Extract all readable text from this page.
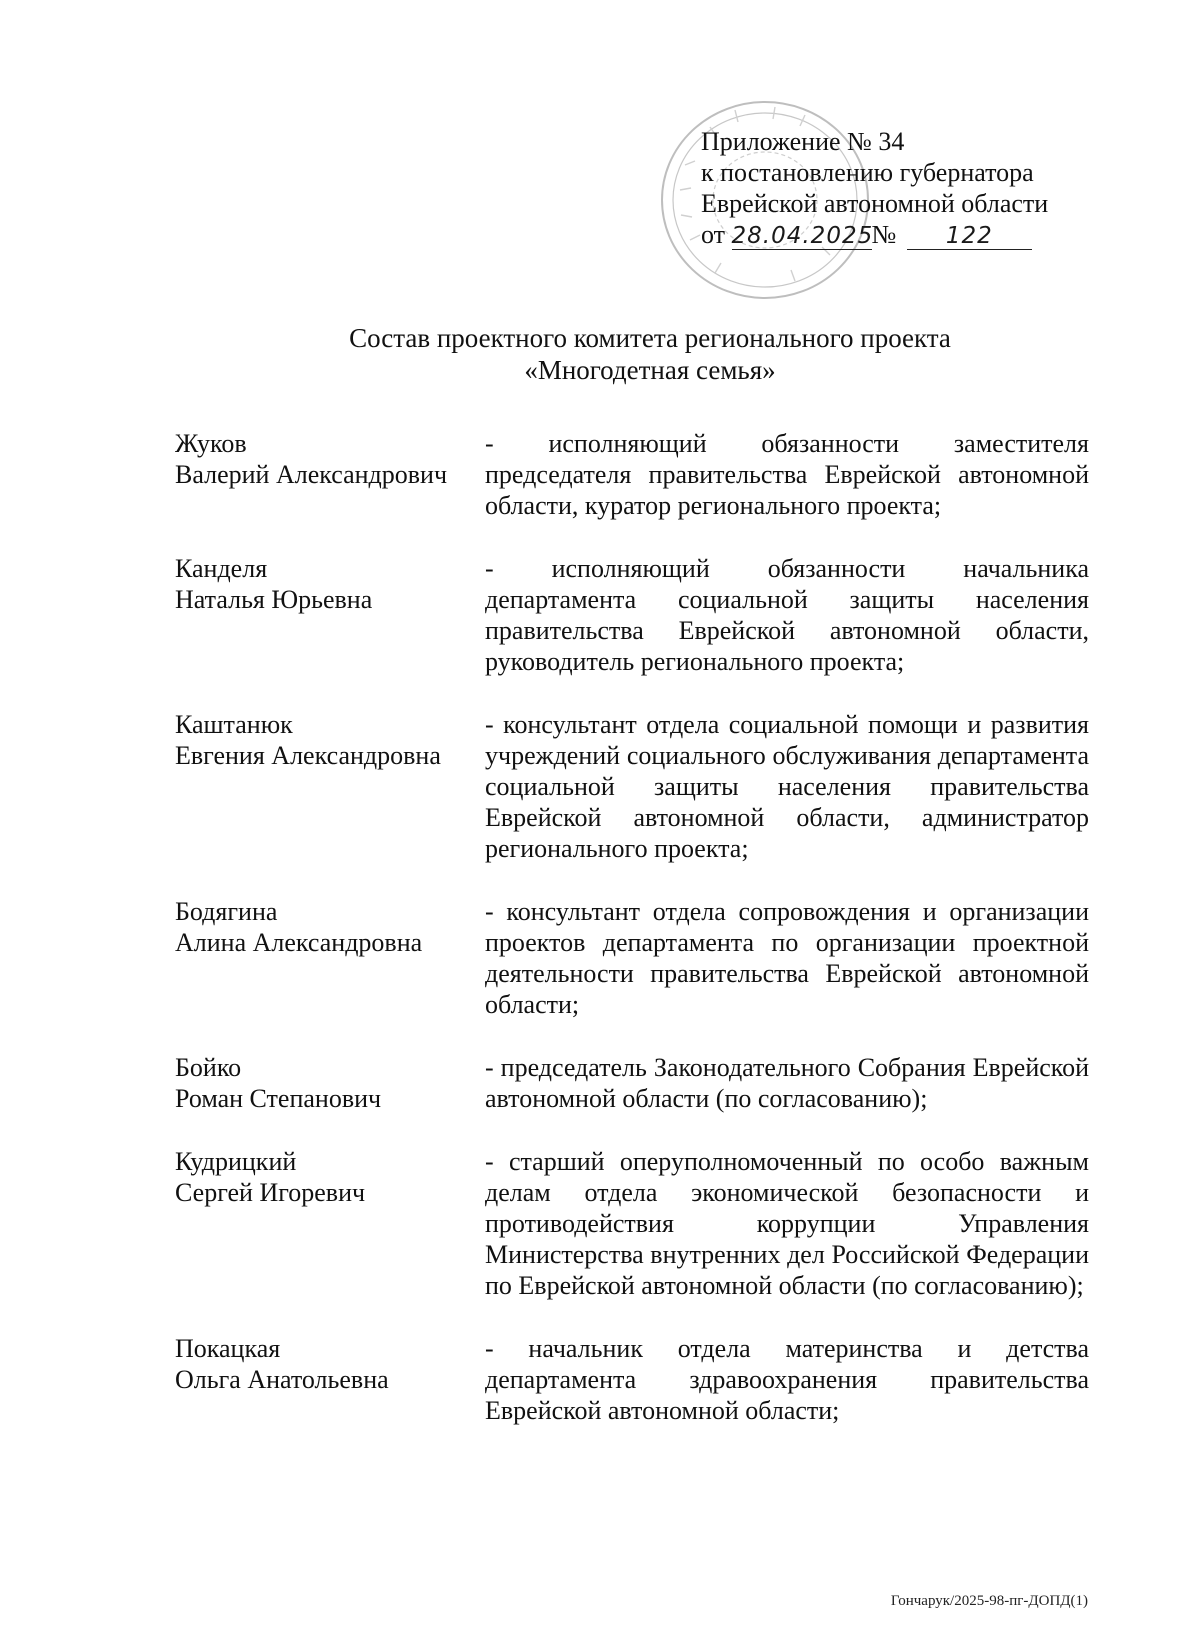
Приложение № 34
к постановлению губернатора
Еврейской автономной области
от 28.04.2025№ 122
Состав проектного комитета регионального проекта
«Многодетная семья»
Жуков
Валерий Александрович
- исполняющий обязанности заместителя председателя правительства Еврейской автономной области, куратор регионального проекта;
Канделя
Наталья Юрьевна
- исполняющий обязанности начальника департамента социальной защиты населения правительства Еврейской автономной области, руководитель регионального проекта;
Каштанюк
Евгения Александровна
- консультант отдела социальной помощи и развития учреждений социального обслуживания департамента социальной защиты населения правительства Еврейской автономной области, администратор регионального проекта;
Бодягина
Алина Александровна
- консультант отдела сопровождения и организации проектов департамента по организации проектной деятельности правительства Еврейской автономной области;
Бойко
Роман Степанович
- председатель Законодательного Собрания Еврейской автономной области (по согласованию);
Кудрицкий
Сергей Игоревич
- старший оперуполномоченный по особо важным делам отдела экономической безопасности и противодействия коррупции Управления Министерства внутренних дел Российской Федерации по Еврейской автономной области (по согласованию);
Покацкая
Ольга Анатольевна
- начальник отдела материнства и детства департамента здравоохранения правительства Еврейской автономной области;
Гончарук/2025-98-пг-ДОПД(1)
